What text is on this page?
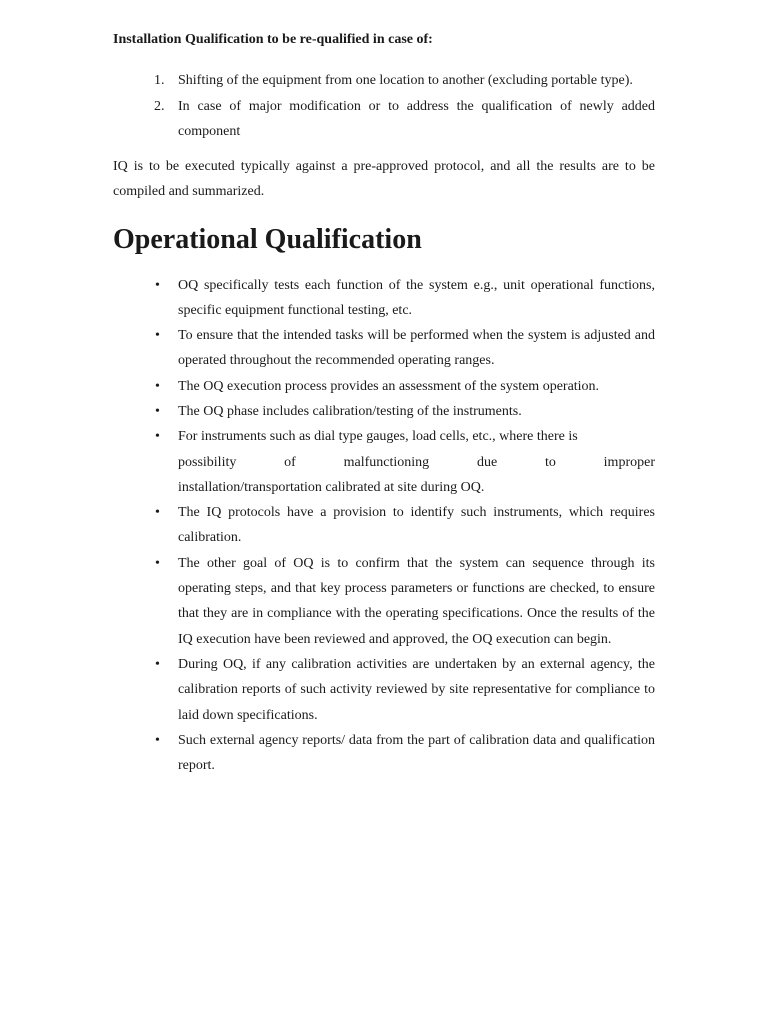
Installation Qualification to be re-qualified in case of:
1. Shifting of the equipment from one location to another (excluding portable type).
2. In case of major modification or to address the qualification of newly added component

IQ is to be executed typically against a pre-approved protocol, and all the results are to be compiled and summarized.

Operational Qualification
• OQ specifically tests each function of the system e.g., unit operational functions, specific equipment functional testing, etc.
• To ensure that the intended tasks will be performed when the system is adjusted and operated throughout the recommended operating ranges.
• The OQ execution process provides an assessment of the system operation.
• The OQ phase includes calibration/testing of the instruments.
• For instruments such as dial type gauges, load cells, etc., where there is
possibility	of	malfunctioning	due	to	improper
installation/transportation calibrated at site during OQ.
• The IQ protocols have a provision to identify such instruments, which requires calibration.
• The other goal of OQ is to confirm that the system can sequence through its operating steps, and that key process parameters or functions are checked, to ensure that they are in compliance with the operating specifications. Once the results of the IQ execution have been reviewed and approved, the OQ execution can begin.
• During OQ, if any calibration activities are undertaken by an external agency, the calibration reports of such activity reviewed by site representative for compliance to laid down specifications.
• Such external agency reports/ data from the part of calibration data and qualification report.
